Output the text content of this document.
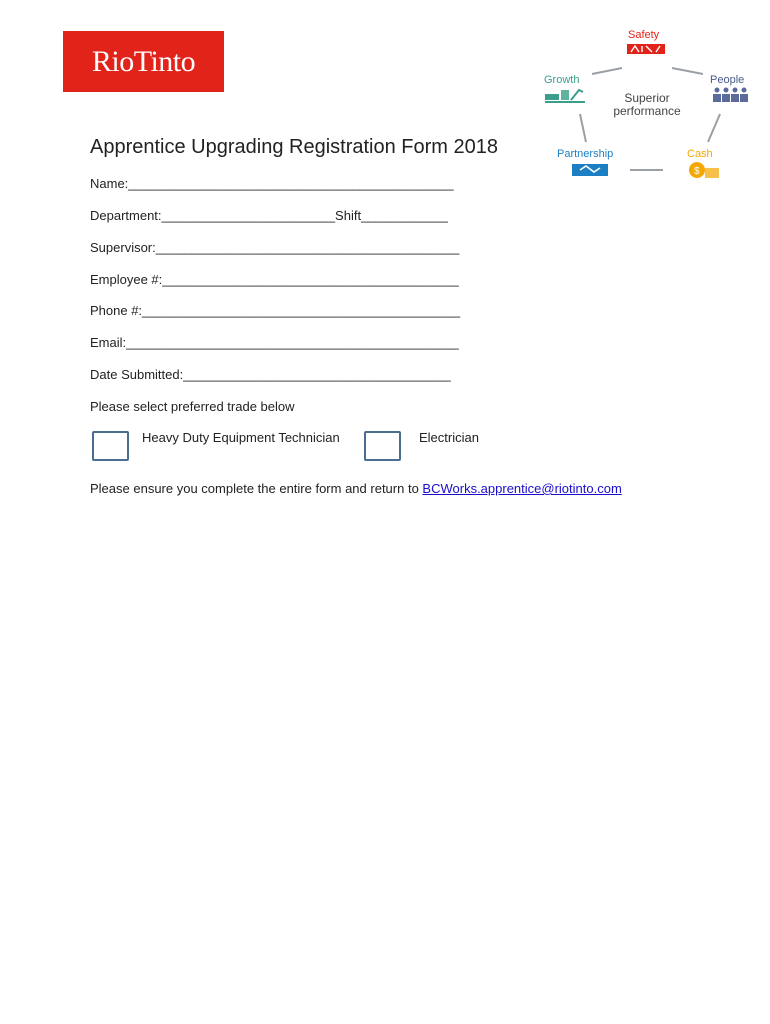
RioTinto
Safety
Growth	People
Superior
performance
Partnership	Cash
$
Apprentice Upgrading Registration Form 2018
Name:_____________________________________________
Department:________________________Shift____________
Supervisor:__________________________________________
Employee #:_________________________________________
Phone #:____________________________________________
Email:______________________________________________
Date Submitted:_____________________________________
Please select preferred trade below
Heavy Duty Equipment Technician	Electrician
Please ensure you complete the entire form and return to BCWorks.apprentice@riotinto.com
